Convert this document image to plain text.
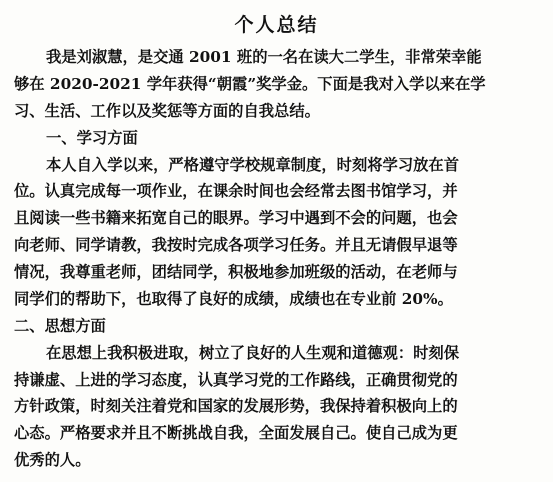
个人总结
我是刘淑慧，是交通 2001 班的一名在读大二学生，非常荣幸能
够在 2020-2021 学年获得“朝霞”奖学金。下面是我对入学以来在学
习、生活、工作以及奖惩等方面的自我总结。
一、学习方面
本人自入学以来，严格遵守学校规章制度，时刻将学习放在首
位。认真完成每一项作业，在课余时间也会经常去图书馆学习，并
且阅读一些书籍来拓宽自己的眼界。学习中遇到不会的问题，也会
向老师、同学请教，我按时完成各项学习任务。并且无请假早退等
情况，我尊重老师，团结同学，积极地参加班级的活动，在老师与
同学们的帮助下，也取得了良好的成绩，成绩也在专业前 20%。
二、思想方面
在思想上我积极进取，树立了良好的人生观和道德观：时刻保
持谦虚、上进的学习态度，认真学习党的工作路线，正确贯彻党的
方针政策，时刻关注着党和国家的发展形势，我保持着积极向上的
心态。严格要求并且不断挑战自我，全面发展自己。使自己成为更
优秀的人。
